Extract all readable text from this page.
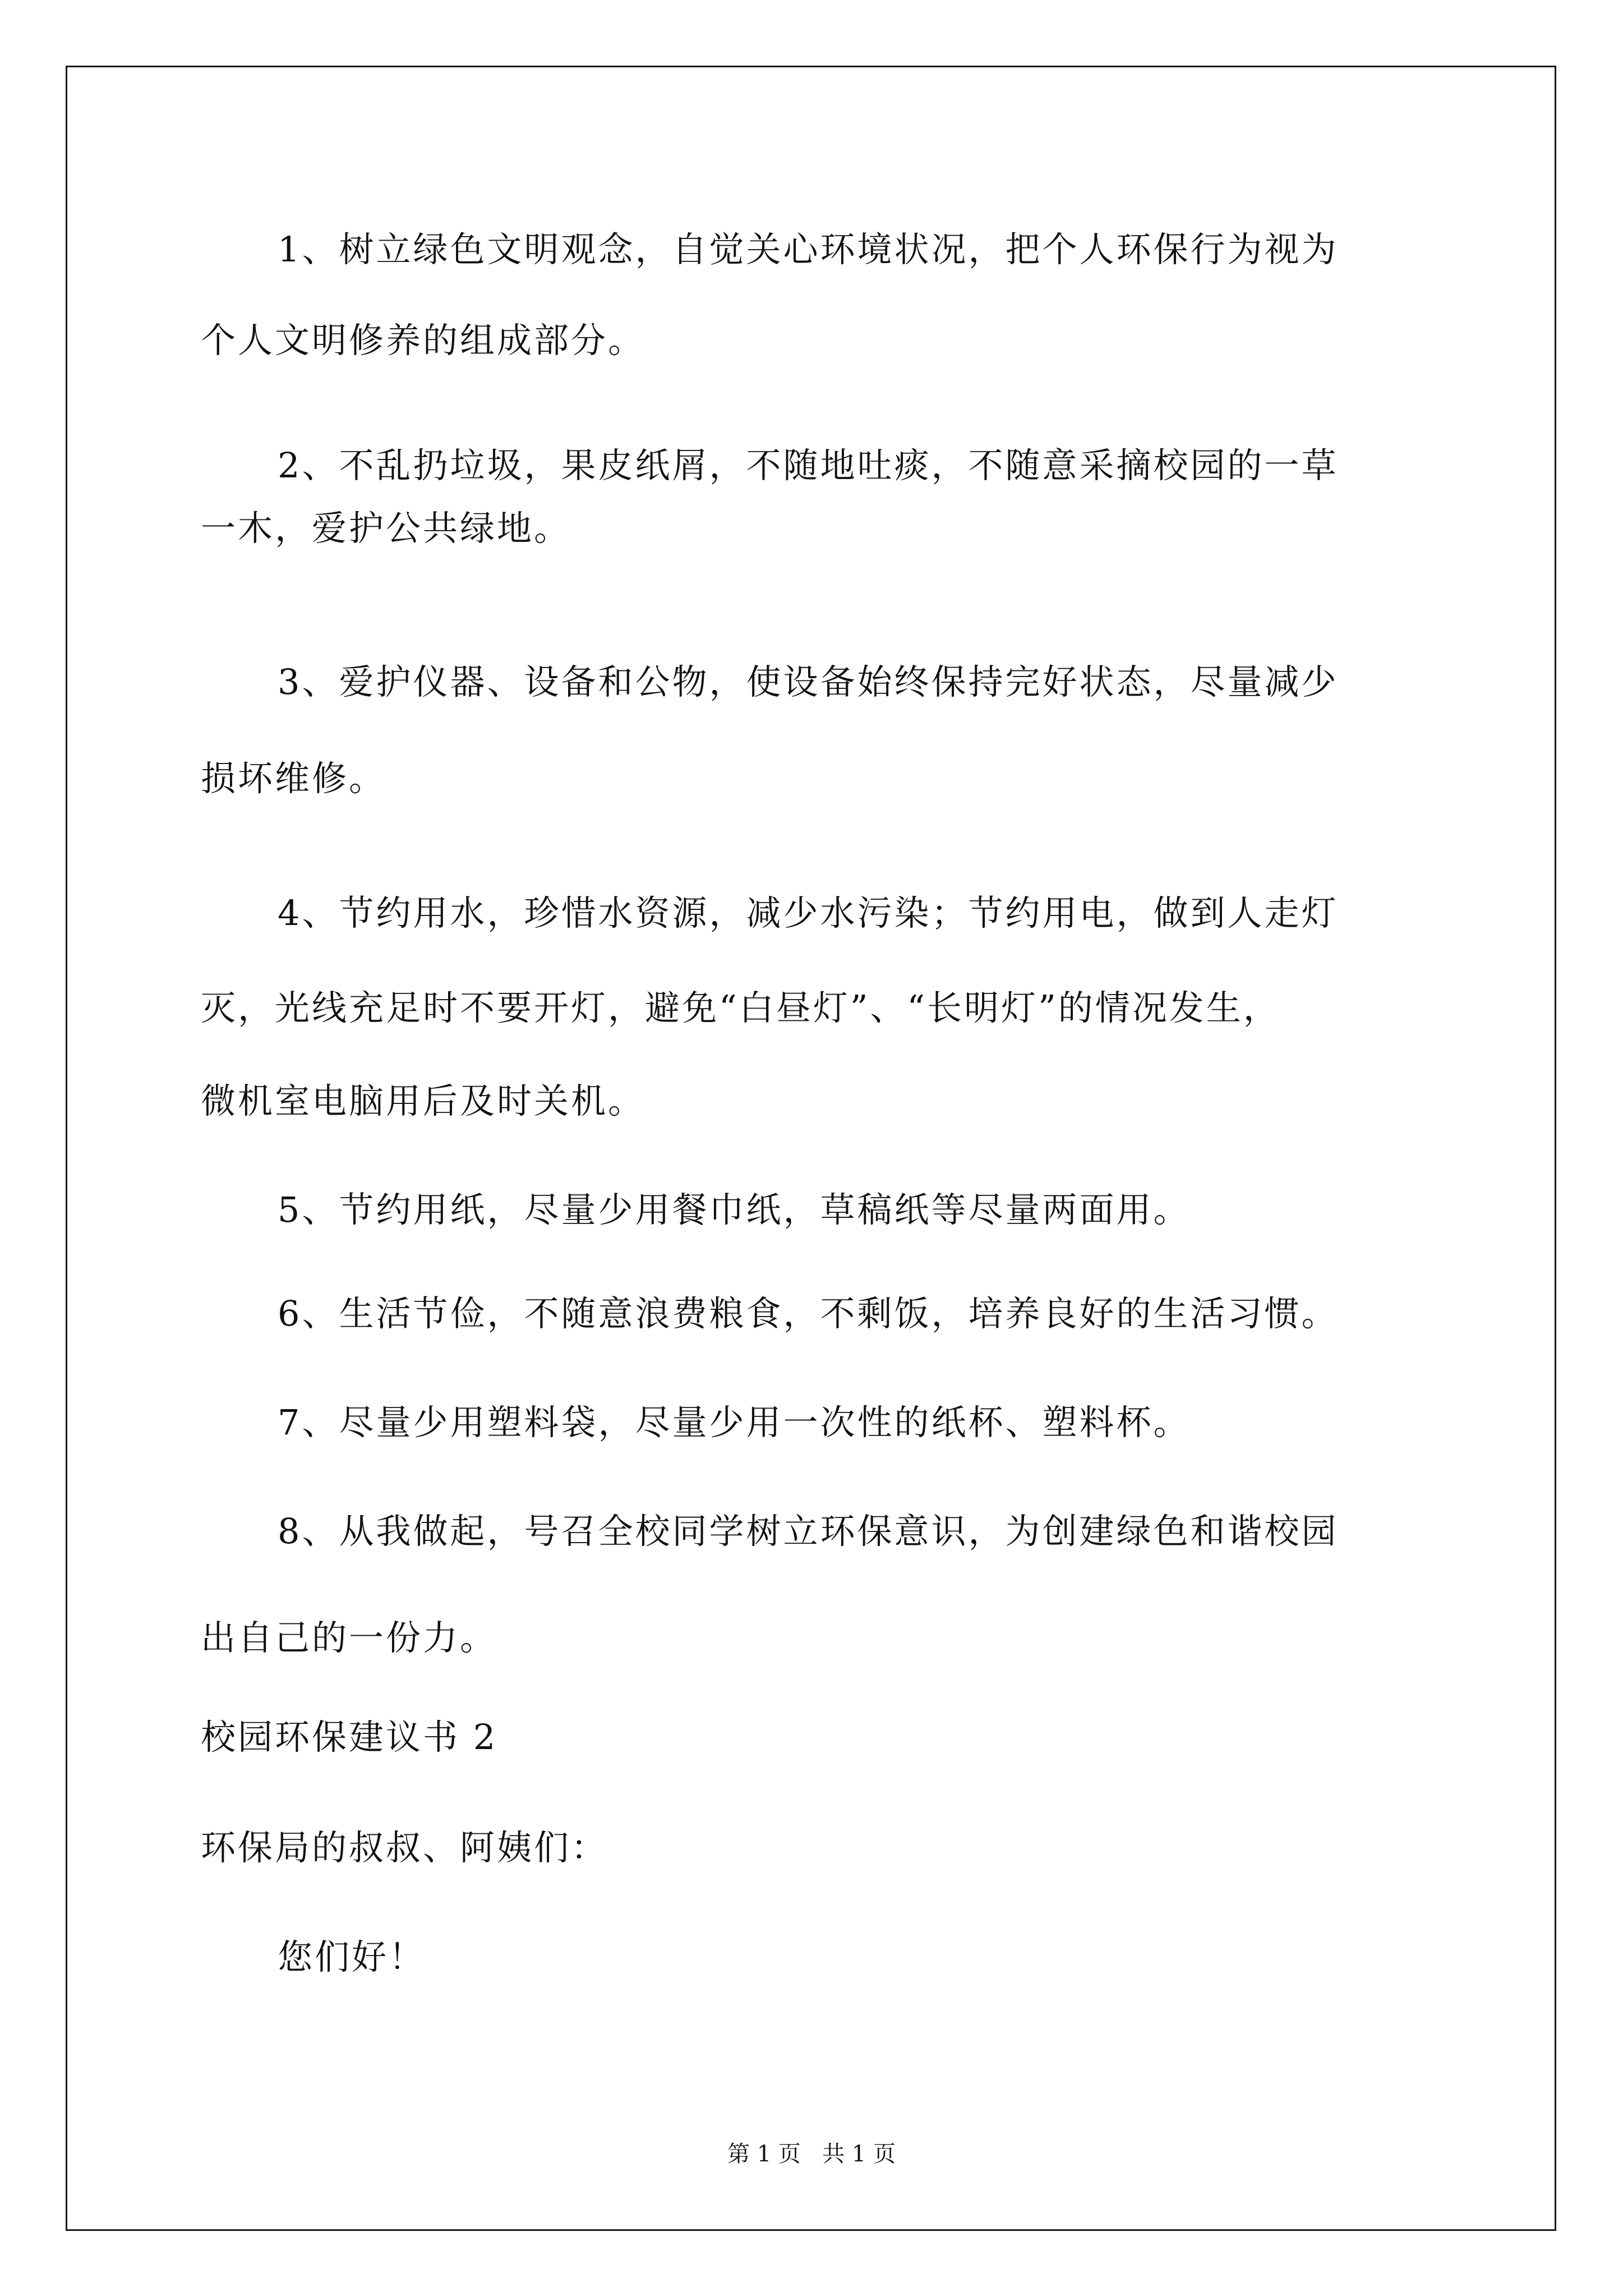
1、树立绿色文明观念，自觉关心环境状况，把个人环保行为视为
个人文明修养的组成部分。
2、不乱扔垃圾，果皮纸屑，不随地吐痰，不随意采摘校园的一草
一木，爱护公共绿地。
3、爱护仪器、设备和公物，使设备始终保持完好状态，尽量减少
损坏维修。
4、节约用水，珍惜水资源，减少水污染；节约用电，做到人走灯
灭，光线充足时不要开灯，避免“白昼灯”、“长明灯”的情况发生，
微机室电脑用后及时关机。
5、节约用纸，尽量少用餐巾纸，草稿纸等尽量两面用。
6、生活节俭，不随意浪费粮食，不剩饭，培养良好的生活习惯。
7、尽量少用塑料袋，尽量少用一次性的纸杯、塑料杯。
8、从我做起，号召全校同学树立环保意识，为创建绿色和谐校园
出自己的一份力。
校园环保建议书 2
环保局的叔叔、阿姨们：
您们好！
第 1 页   共 1 页
